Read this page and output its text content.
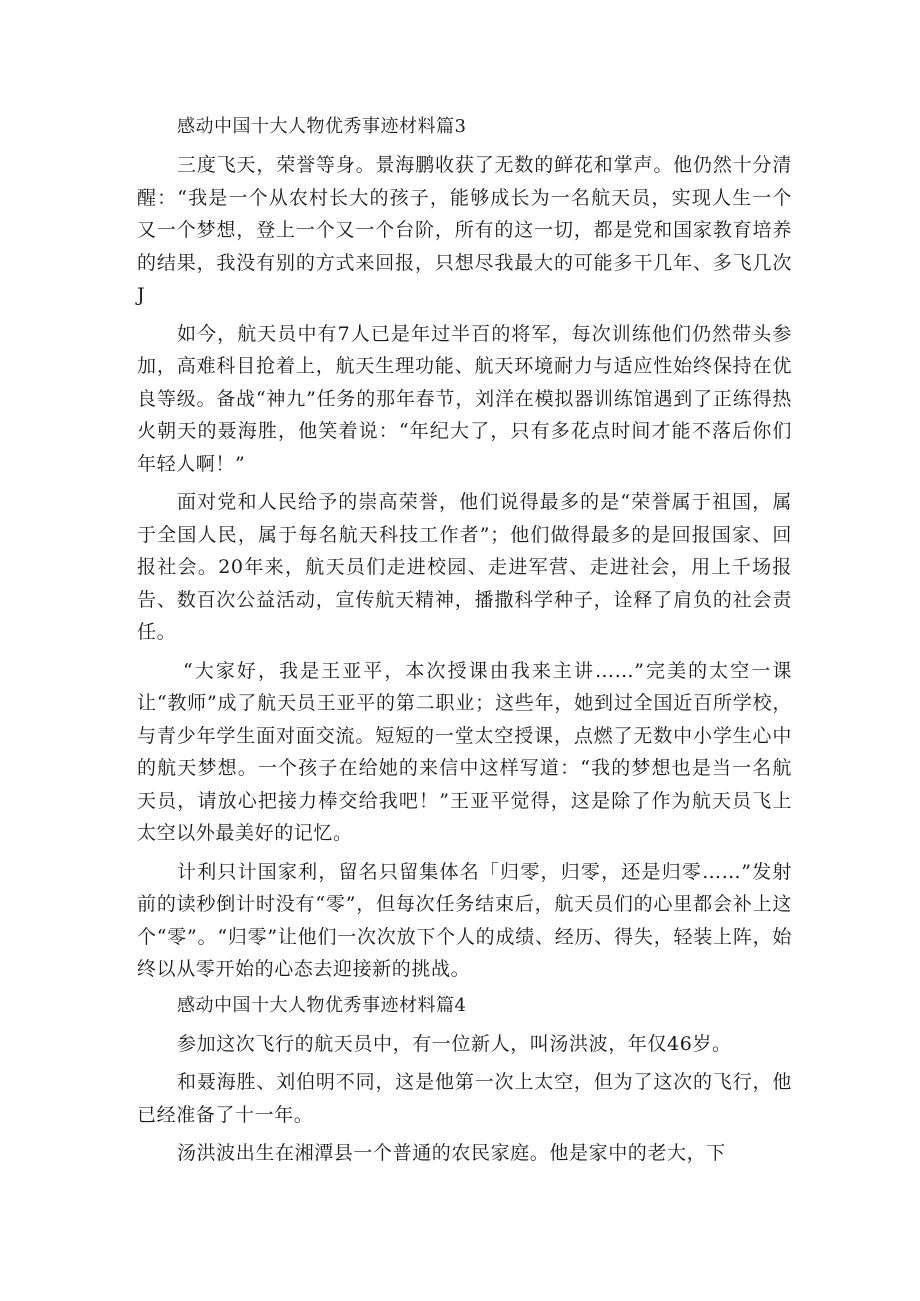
感动中国十大人物优秀事迹材料篇3

三度飞天，荣誉等身。景海鹏收获了无数的鲜花和掌声。他仍然十分清醒：“我是一个从农村长大的孩子，能够成长为一名航天员，实现人生一个又一个梦想，登上一个又一个台阶，所有的这一切，都是党和国家教育培养的结果，我没有别的方式来回报，只想尽我最大的可能多干几年、多飞几次J

如今，航天员中有7人已是年过半百的将军，每次训练他们仍然带头参加，高难科目抢着上，航天生理功能、航天环境耐力与适应性始终保持在优良等级。备战“神九”任务的那年春节，刘洋在模拟器训练馆遇到了正练得热火朝天的聂海胜，他笑着说：“年纪大了，只有多花点时间才能不落后你们年轻人啊！”

面对党和人民给予的崇高荣誉，他们说得最多的是“荣誉属于祖国，属于全国人民，属于每名航天科技工作者”；他们做得最多的是回报国家、回报社会。20年来，航天员们走进校园、走进军营、走进社会，用上千场报告、数百次公益活动，宣传航天精神，播撒科学种子，诠释了肩负的社会责任。

“大家好，我是王亚平，本次授课由我来主讲……”完美的太空一课让“教师”成了航天员王亚平的第二职业；这些年，她到过全国近百所学校，与青少年学生面对面交流。短短的一堂太空授课，点燃了无数中小学生心中的航天梦想。一个孩子在给她的来信中这样写道：“我的梦想也是当一名航天员，请放心把接力棒交给我吧！”王亚平觉得，这是除了作为航天员飞上太空以外最美好的记忆。

计利只计国家利，留名只留集体名「归零，归零，还是归零……”发射前的读秒倒计时没有“零”，但每次任务结束后，航天员们的心里都会补上这个“零”。“归零”让他们一次次放下个人的成绩、经历、得失，轻装上阵，始终以从零开始的心态去迎接新的挑战。

感动中国十大人物优秀事迹材料篇4

参加这次飞行的航天员中，有一位新人，叫汤洪波，年仅46岁。

和聂海胜、刘伯明不同，这是他第一次上太空，但为了这次的飞行，他已经准备了十一年。

汤洪波出生在湘潭县一个普通的农民家庭。他是家中的老大，下
